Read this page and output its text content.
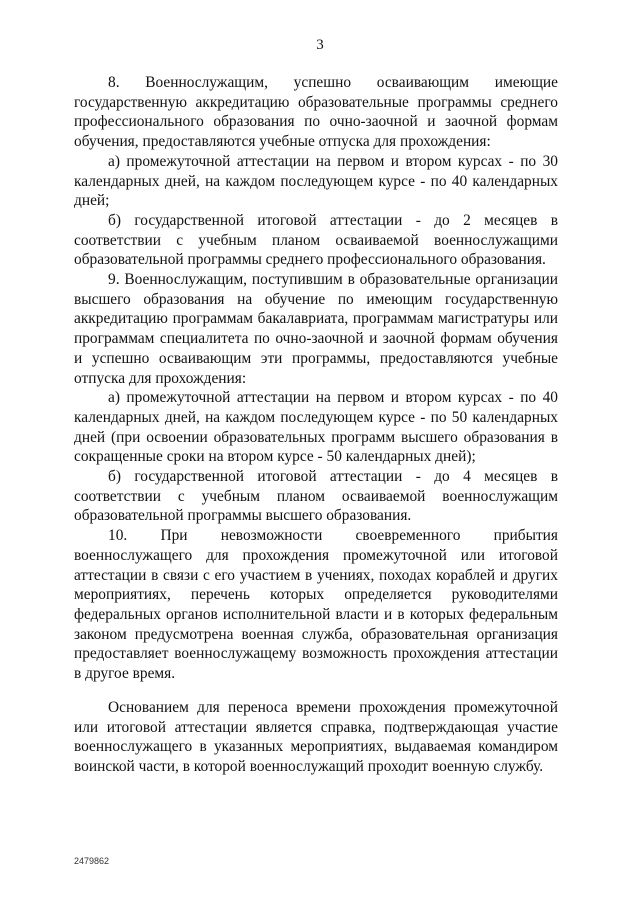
3

8. Военнослужащим, успешно осваивающим имеющие государственную аккредитацию образовательные программы среднего профессионального образования по очно-заочной и заочной формам обучения, предоставляются учебные отпуска для прохождения:

а) промежуточной аттестации на первом и втором курсах - по 30 календарных дней, на каждом последующем курсе - по 40 календарных дней;

б) государственной итоговой аттестации - до 2 месяцев в соответствии с учебным планом осваиваемой военнослужащими образовательной программы среднего профессионального образования.

9. Военнослужащим, поступившим в образовательные организации высшего образования на обучение по имеющим государственную аккредитацию программам бакалавриата, программам магистратуры или программам специалитета по очно-заочной и заочной формам обучения и успешно осваивающим эти программы, предоставляются учебные отпуска для прохождения:

а) промежуточной аттестации на первом и втором курсах - по 40 календарных дней, на каждом последующем курсе - по 50 календарных дней (при освоении образовательных программ высшего образования в сокращенные сроки на втором курсе - 50 календарных дней);

б) государственной итоговой аттестации - до 4 месяцев в соответствии с учебным планом осваиваемой военнослужащим образовательной программы высшего образования.

10. При невозможности своевременного прибытия военнослужащего для прохождения промежуточной или итоговой аттестации в связи с его участием в учениях, походах кораблей и других мероприятиях, перечень которых определяется руководителями федеральных органов исполнительной власти и в которых федеральным законом предусмотрена военная служба, образовательная организация предоставляет военнослужащему возможность прохождения аттестации в другое время.

Основанием для переноса времени прохождения промежуточной или итоговой аттестации является справка, подтверждающая участие военнослужащего в указанных мероприятиях, выдаваемая командиром воинской части, в которой военнослужащий проходит военную службу.

2479862
